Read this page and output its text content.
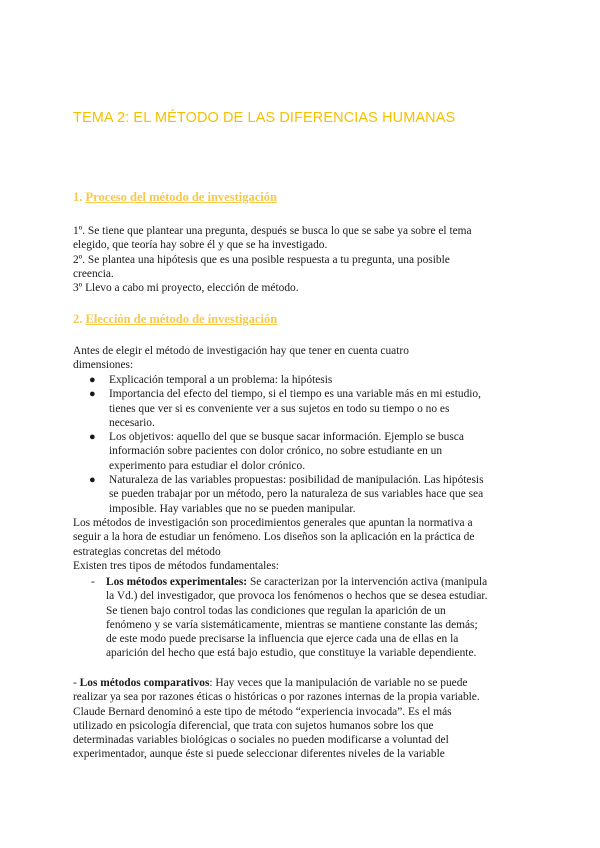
TEMA 2: EL MÉTODO DE LAS DIFERENCIAS HUMANAS
1. Proceso del método de investigación
1º. Se tiene que plantear una pregunta, después se busca lo que se sabe ya sobre el tema
elegido, que teoría hay sobre él y que se ha investigado.
2º. Se plantea una hipótesis que es una posible respuesta a tu pregunta, una posible
creencia.
3º Llevo a cabo mi proyecto, elección de método.
2. Elección de método de investigación
Antes de elegir el método de investigación hay que tener en cuenta cuatro
dimensiones:
● Explicación temporal a un problema: la hipótesis
● Importancia del efecto del tiempo, si el tiempo es una variable más en mi estudio,
tienes que ver si es conveniente ver a sus sujetos en todo su tiempo o no es
necesario.
● Los objetivos: aquello del que se busque sacar información. Ejemplo se busca
información sobre pacientes con dolor crónico, no sobre estudiante en un
experimento para estudiar el dolor crónico.
● Naturaleza de las variables propuestas: posibilidad de manipulación. Las hipótesis
se pueden trabajar por un método, pero la naturaleza de sus variables hace que sea
imposible. Hay variables que no se pueden manipular.
Los métodos de investigación son procedimientos generales que apuntan la normativa a
seguir a la hora de estudiar un fenómeno. Los diseños son la aplicación en la práctica de
estrategias concretas del método
Existen tres tipos de métodos fundamentales:
- Los métodos experimentales: Se caracterizan por la intervención activa (manipula
la Vd.) del investigador, que provoca los fenómenos o hechos que se desea estudiar.
Se tienen bajo control todas las condiciones que regulan la aparición de un
fenómeno y se varía sistemáticamente, mientras se mantiene constante las demás;
de este modo puede precisarse la influencia que ejerce cada una de ellas en la
aparición del hecho que está bajo estudio, que constituye la variable dependiente.
- Los métodos comparativos: Hay veces que la manipulación de variable no se puede
realizar ya sea por razones éticas o históricas o por razones internas de la propia variable.
Claude Bernard denominó a este tipo de método “experiencia invocada”. Es el más
utilizado en psicología diferencial, que trata con sujetos humanos sobre los que
determinadas variables biológicas o sociales no pueden modificarse a voluntad del
experimentador, aunque éste si puede seleccionar diferentes niveles de la variable
